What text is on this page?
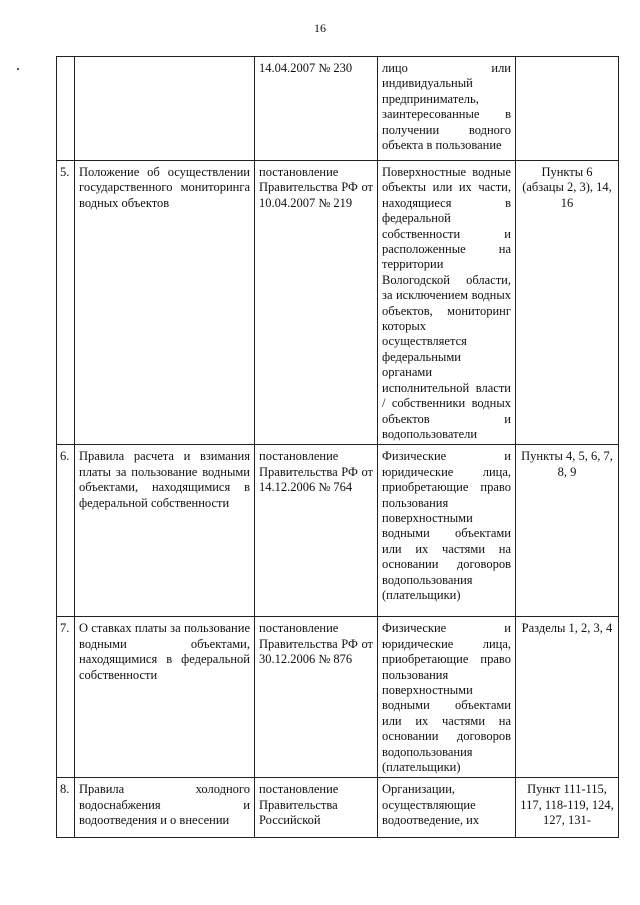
16
		14.04.2007 № 230	лицо или индивидуальный предприниматель, заинтересованные в получении водного объекта в пользование	
5.	Положение об осуществлении государственного мониторинга водных объектов	постановление Правительства РФ от 10.04.2007 № 219	Поверхностные водные объекты или их части, находящиеся в федеральной собственности и расположенные на территории Вологодской области, за исключением водных объектов, мониторинг которых осуществляется федеральными органами исполнительной власти / собственники водных объектов и водопользователи	Пункты 6 (абзацы 2, 3), 14, 16
6.	Правила расчета и взимания платы за пользование водными объектами, находящимися в федеральной собственности	постановление Правительства РФ от 14.12.2006 № 764	Физические и юридические лица, приобретающие право пользования поверхностными водными объектами или их частями на основании договоров водопользования (плательщики)	Пункты 4, 5, 6, 7, 8, 9
7.	О ставках платы за пользование водными объектами, находящимися в федеральной собственности	постановление Правительства РФ от 30.12.2006 № 876	Физические и юридические лица, приобретающие право пользования поверхностными водными объектами или их частями на основании договоров водопользования (плательщики)	Разделы 1, 2, 3, 4
8.	Правила холодного водоснабжения и водоотведения и о внесении	постановление Правительства Российской	Организации, осуществляющие водоотведение, их	Пункт 111-115, 117, 118-119, 124, 127, 131-
